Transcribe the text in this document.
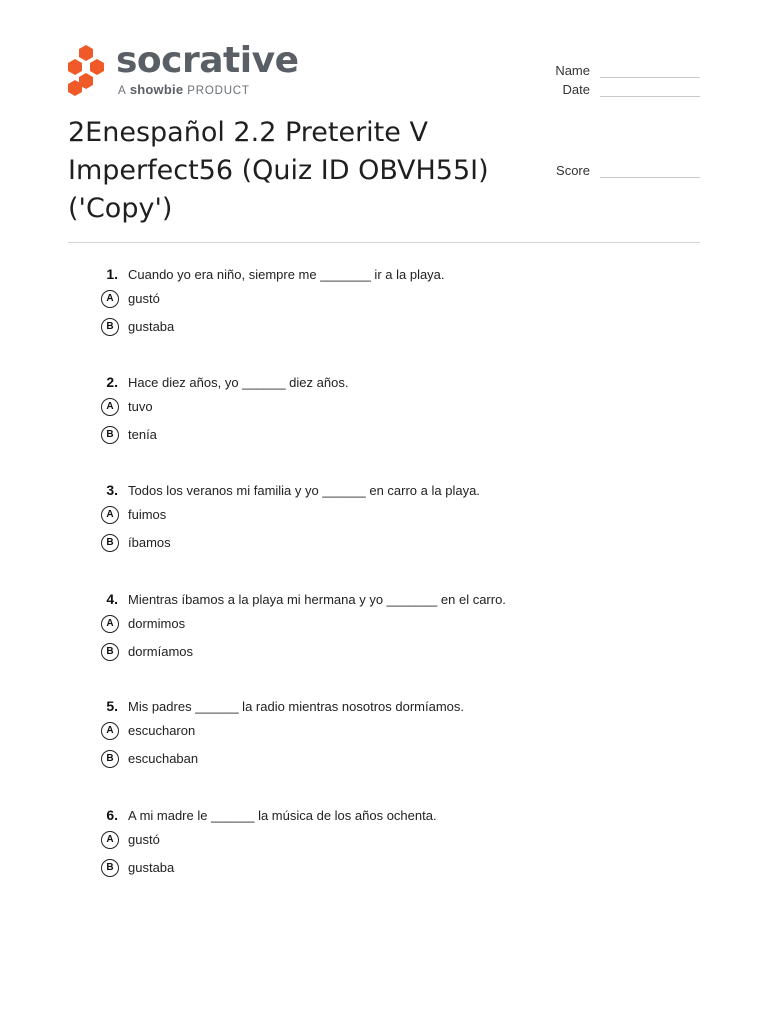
socrative
A showbie PRODUCT
Name
Date
Score
2Enespañol 2.2 Preterite V Imperfect56 (Quiz ID OBVH55I) ('Copy')
1. Cuando yo era niño, siempre me _______ ir a la playa.
A	gustó
B	gustaba
2. Hace diez años, yo ______ diez años.
A	tuvo
B	tenía
3. Todos los veranos mi familia y yo ______ en carro a la playa.
A	fuimos
B	íbamos
4. Mientras íbamos a la playa mi hermana y yo _______ en el carro.
A	dormimos
B	dormíamos
5. Mis padres ______ la radio mientras nosotros dormíamos.
A	escucharon
B	escuchaban
6. A mi madre le ______ la música de los años ochenta.
A	gustó
B	gustaba
